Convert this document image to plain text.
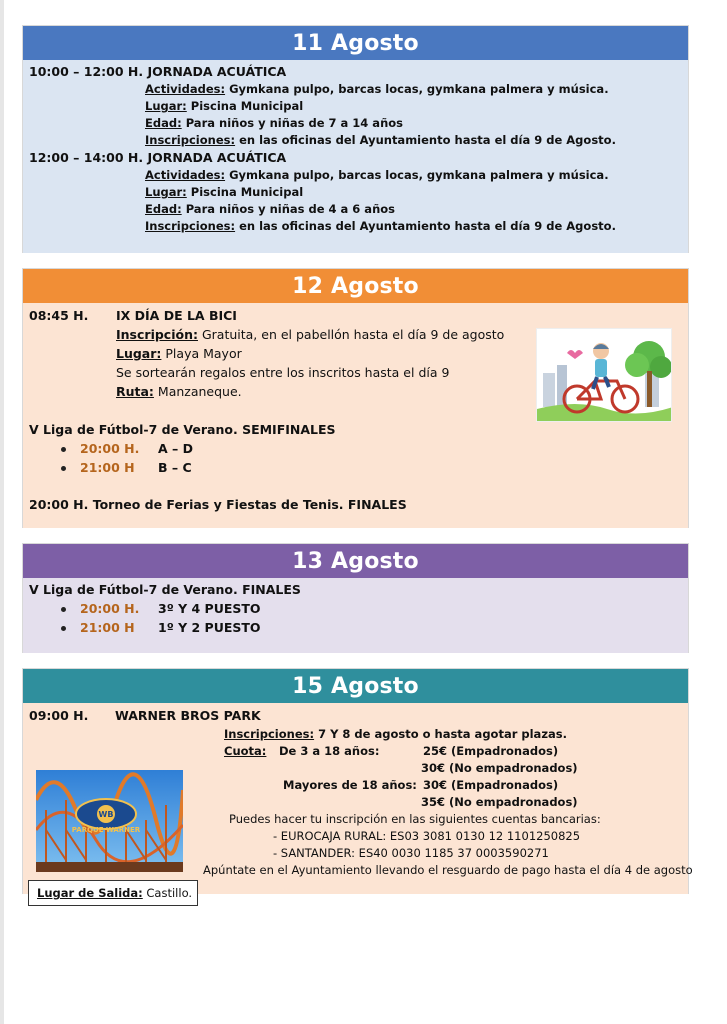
11 Agosto
10:00 – 12:00 H. JORNADA ACUÁTICA
Actividades: Gymkana pulpo, barcas locas, gymkana palmera y música.
Lugar: Piscina Municipal
Edad: Para niños y niñas de 7 a 14 años
Inscripciones: en las oficinas del Ayuntamiento hasta el día 9 de Agosto.
12:00 – 14:00 H. JORNADA ACUÁTICA
Actividades: Gymkana pulpo, barcas locas, gymkana palmera y música.
Lugar: Piscina Municipal
Edad: Para niños y niñas de 4 a 6 años
Inscripciones: en las oficinas del Ayuntamiento hasta el día 9 de Agosto.
12 Agosto
08:45 H. IX DÍA DE LA BICI
Inscripción: Gratuita, en el pabellón hasta el día 9 de agosto
Lugar: Playa Mayor
Se sortearán regalos entre los inscritos hasta el día 9
Ruta: Manzaneque.
V Liga de Fútbol-7 de Verano. SEMIFINALES
20:00 H. A – D
21:00 H B – C
20:00 H. Torneo de Ferias y Fiestas de Tenis. FINALES
13 Agosto
V Liga de Fútbol-7 de Verano. FINALES
20:00 H. 3º Y 4 PUESTO
21:00 H 1º Y 2 PUESTO
15 Agosto
09:00 H. WARNER BROS PARK
Inscripciones: 7 Y 8 de agosto o hasta agotar plazas.
Cuota: De 3 a 18 años:	25€ (Empadronados)
30€ (No empadronados)
Mayores de 18 años: 30€ (Empadronados)
35€ (No empadronados)
Puedes hacer tu inscripción en las siguientes cuentas bancarias:
- EUROCAJA RURAL: ES03 3081 0130 12 1101250825
- SANTANDER: ES40 0030 1185 37 0003590271
Apúntate en el Ayuntamiento llevando el resguardo de pago hasta el día 4 de agosto
WB
PARQUE WARNER
Lugar de Salida: Castillo.
